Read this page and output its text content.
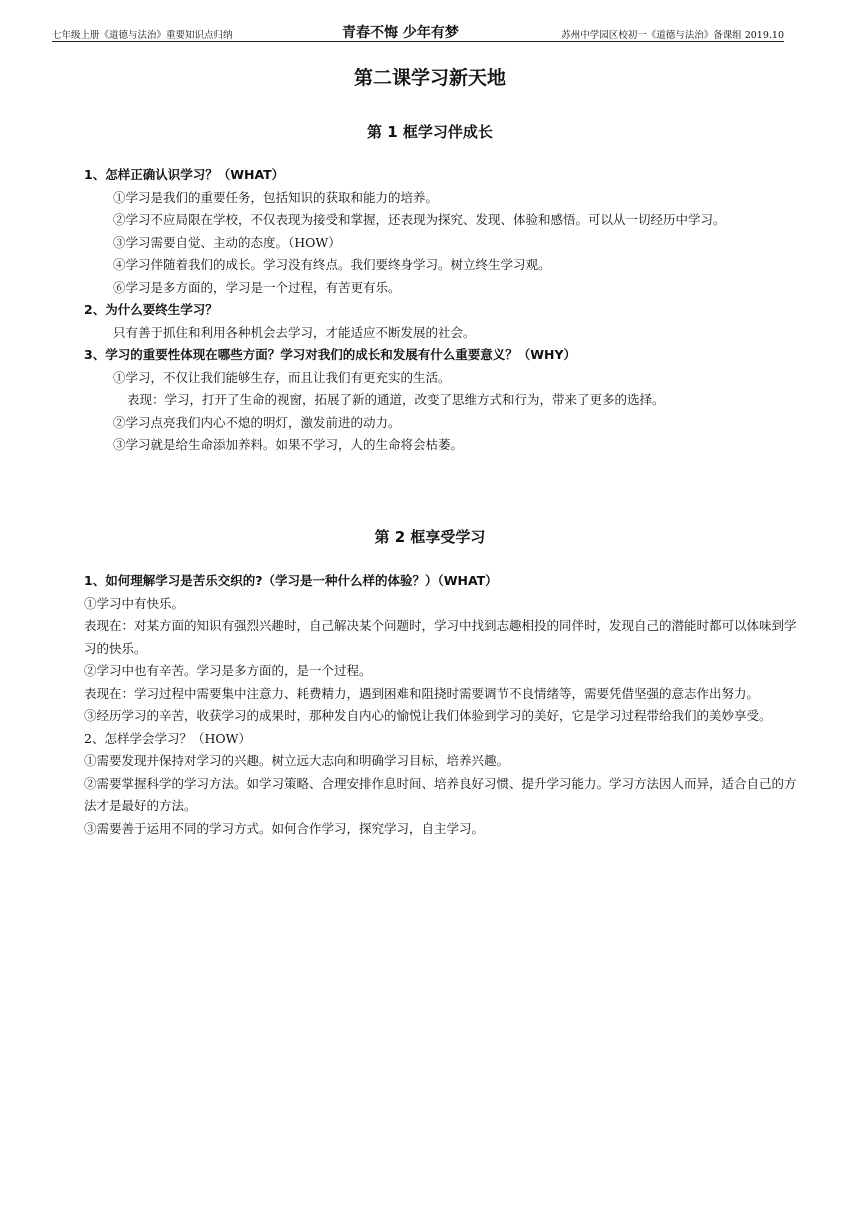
七年级上册《道德与法治》重要知识点归纳	青春不悔 少年有梦	苏州中学园区校初一《道德与法治》备课组 2019.10
第二课学习新天地
第 1 框学习伴成长

1、怎样正确认识学习？（WHAT）

①学习是我们的重要任务，包括知识的获取和能力的培养。

②学习不应局限在学校，不仅表现为接受和掌握，还表现为探究、发现、体验和感悟。可以从一切经历中学习。

③学习需要自觉、主动的态度。（HOW）

④学习伴随着我们的成长。学习没有终点。我们要终身学习。树立终生学习观。

⑥学习是多方面的，学习是一个过程，有苦更有乐。

2、为什么要终生学习？

只有善于抓住和利用各种机会去学习，才能适应不断发展的社会。

3、学习的重要性体现在哪些方面？学习对我们的成长和发展有什么重要意义？（WHY）

①学习，不仅让我们能够生存，而且让我们有更充实的生活。

表现：学习，打开了生命的视窗，拓展了新的通道，改变了思维方式和行为，带来了更多的选择。

②学习点亮我们内心不熄的明灯，激发前进的动力。

③学习就是给生命添加养料。如果不学习，人的生命将会枯萎。

第 2 框享受学习

1、如何理解学习是苦乐交织的?（学习是一种什么样的体验？）（WHAT）

①学习中有快乐。

表现在：对某方面的知识有强烈兴趣时，自己解决某个问题时，学习中找到志趣相投的同伴时，发现自己的潜能时都可以体味到学习的快乐。

②学习中也有辛苦。学习是多方面的，是一个过程。

表现在：学习过程中需要集中注意力、耗费精力，遇到困难和阻挠时需要调节不良情绪等，需要凭借坚强的意志作出努力。

③经历学习的辛苦，收获学习的成果时，那种发自内心的愉悦让我们体验到学习的美好，它是学习过程带给我们的美妙享受。

2、怎样学会学习？（HOW）

①需要发现并保持对学习的兴趣。树立远大志向和明确学习目标，培养兴趣。

②需要掌握科学的学习方法。如学习策略、合理安排作息时间、培养良好习惯、提升学习能力。学习方法因人而异，适合自己的方法才是最好的方法。

③需要善于运用不同的学习方式。如何合作学习，探究学习，自主学习。
